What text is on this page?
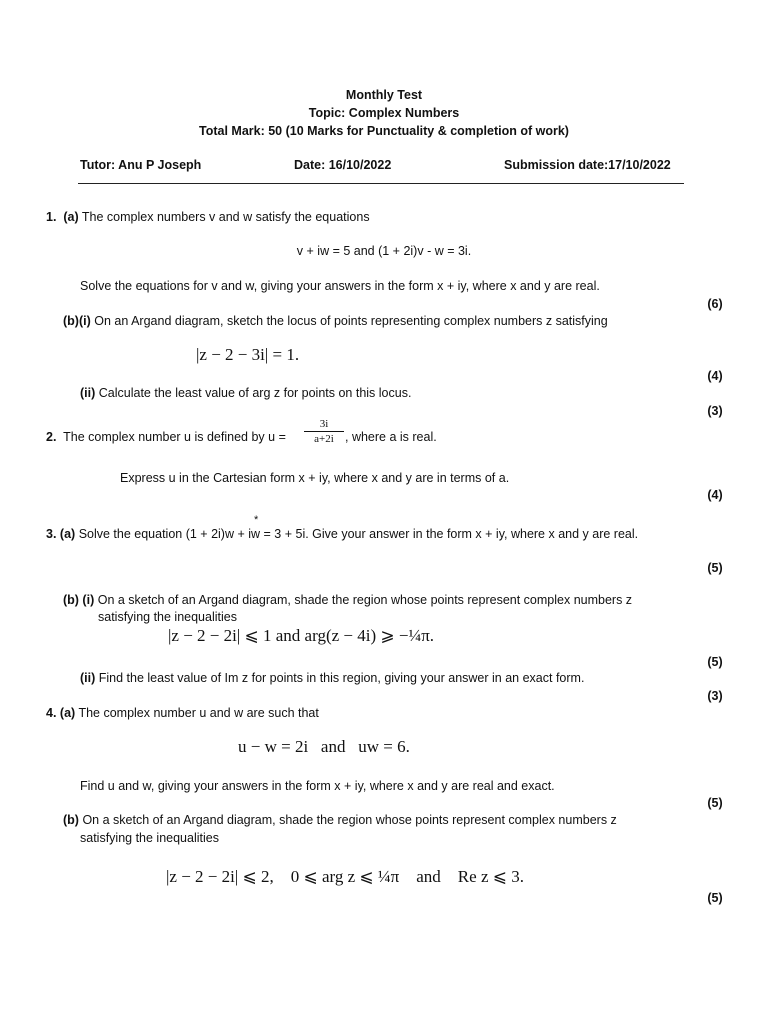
Monthly Test
Topic: Complex Numbers
Total Mark: 50 (10 Marks for Punctuality & completion of work)
Tutor: Anu P Joseph	Date: 16/10/2022	Submission date:17/10/2022
1. (a) The complex numbers v and w satisfy the equations
v + iw = 5 and (1 + 2i)v - w = 3i.
Solve the equations for v and w, giving your answers in the form x + iy, where x and y are real.
(6)
(b)(i) On an Argand diagram, sketch the locus of points representing complex numbers z satisfying
|z − 2 − 3i| = 1.
(4)
(ii) Calculate the least value of arg z for points on this locus.
(3)
2. The complex number u is defined by u =
3i
a+2i , where a is real.
Express u in the Cartesian form x + iy, where x and y are in terms of a.
(4)
3. (a) Solve the equation (1 + 2i)w + iw
*
= 3 + 5i. Give your answer in the form x + iy, where x and y are real.
(5)
(b) (i) On a sketch of an Argand diagram, shade the region whose points represent complex numbers z
satisfying the inequalities
|z − 2 − 2i| ⩽ 1 and arg(z − 4i) ⩾ −¼π.
(5)
(ii) Find the least value of Im z for points in this region, giving your answer in an exact form.
(3)
4. (a) The complex number u and w are such that
u − w = 2i   and   uw = 6.
Find u and w, giving your answers in the form x + iy, where x and y are real and exact.
(5)
(b) On a sketch of an Argand diagram, shade the region whose points represent complex numbers z
satisfying the inequalities
|z − 2 − 2i| ⩽ 2,    0 ⩽ arg z ⩽ ¼π    and    Re z ⩽ 3.
(5)
